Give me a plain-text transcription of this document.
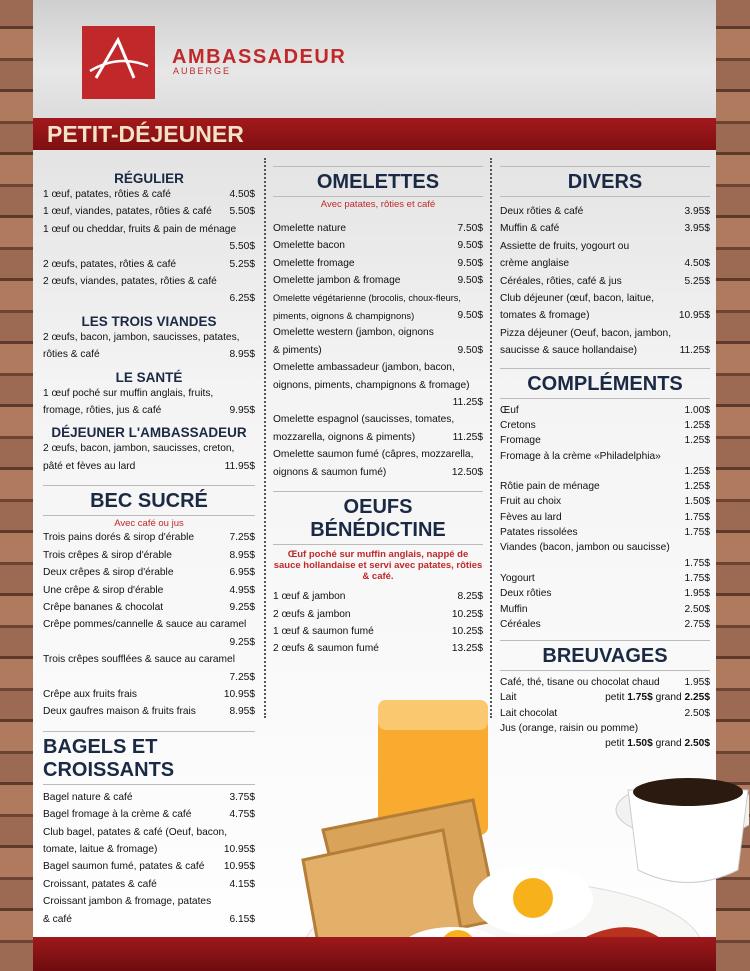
AMBASSADEUR
AUBERGE
PETIT-DÉJEUNER
RÉGULIER
1 œuf, patates, rôties & café	4.50$
1 œuf, viandes, patates, rôties & café 5.50$
1 œuf ou cheddar, fruits & pain de ménage
5.50$
2 œufs, patates, rôties & café	5.25$
2 œufs, viandes, patates, rôties & café
6.25$
LES TROIS VIANDES
2 œufs, bacon, jambon, saucisses, patates,
rôties & café	8.95$
LE SANTÉ
1 œuf poché sur muffin anglais, fruits,
fromage, rôties, jus & café	9.95$
DÉJEUNER L'AMBASSADEUR
2 œufs, bacon, jambon, saucisses, creton,
pâté et fèves au lard	11.95$
BEC SUCRÉ
Avec café ou jus
Trois pains dorés & sirop d'érable	7.25$
Trois crêpes & sirop d'érable	8.95$
Deux crêpes & sirop d'érable	6.95$
Une crêpe & sirop d'érable	4.95$
Crêpe bananes & chocolat	9.25$
Crêpe pommes/cannelle & sauce au caramel
9.25$
Trois crêpes soufflées & sauce au caramel
7.25$
Crêpe aux fruits frais	10.95$
Deux gaufres maison & fruits frais	8.95$
BAGELS ET CROISSANTS
Bagel nature & café	3.75$
Bagel fromage à la crème & café	4.75$
Club bagel, patates & café (Oeuf, bacon,
tomate, laitue & fromage)	10.95$
Bagel saumon fumé, patates & café 10.95$
Croissant, patates & café	4.15$
Croissant jambon & fromage, patates
& café	6.15$
OMELETTES
Avec patates, rôties et café
Omelette nature	7.50$
Omelette bacon	9.50$
Omelette fromage	9.50$
Omelette jambon & fromage	9.50$
Omelette végétarienne (brocolis, choux-fleurs,
piments, oignons & champignons)	9.50$
Omelette western (jambon, oignons
& piments)	9.50$
Omelette ambassadeur (jambon, bacon,
oignons, piments, champignons & fromage)
11.25$
Omelette espagnol (saucisses, tomates,
mozzarella, oignons & piments)	11.25$
Omelette saumon fumé (câpres, mozzarella,
oignons & saumon fumé)	12.50$
OEUFS BÉNÉDICTINE
Œuf poché sur muffin anglais, nappé de sauce hollandaise et servi avec patates, rôties & café.
1 œuf & jambon	8.25$
2 œufs & jambon	10.25$
1 œuf & saumon fumé	10.25$
2 œufs & saumon fumé	13.25$
DIVERS
Deux rôties & café	3.95$
Muffin & café	3.95$
Assiette de fruits, yogourt ou
crème anglaise	4.50$
Céréales, rôties, café & jus	5.25$
Club déjeuner (œuf, bacon, laitue,
tomates & fromage)	10.95$
Pizza déjeuner (Oeuf, bacon, jambon,
saucisse & sauce hollandaise)	11.25$
COMPLÉMENTS
Œuf	1.00$
Cretons	1.25$
Fromage	1.25$
Fromage à la crème «Philadelphia»
1.25$
Rôtie pain de ménage	1.25$
Fruit au choix	1.50$
Fèves au lard	1.75$
Patates rissolées	1.75$
Viandes (bacon, jambon ou saucisse)
1.75$
Yogourt	1.75$
Deux rôties	1.95$
Muffin	2.50$
Céréales	2.75$
BREUVAGES
Café, thé, tisane ou chocolat chaud 1.95$
Lait	petit 1.75$ grand 2.25$
Lait chocolat	2.50$
Jus (orange, raisin ou pomme)
petit 1.50$ grand 2.50$
